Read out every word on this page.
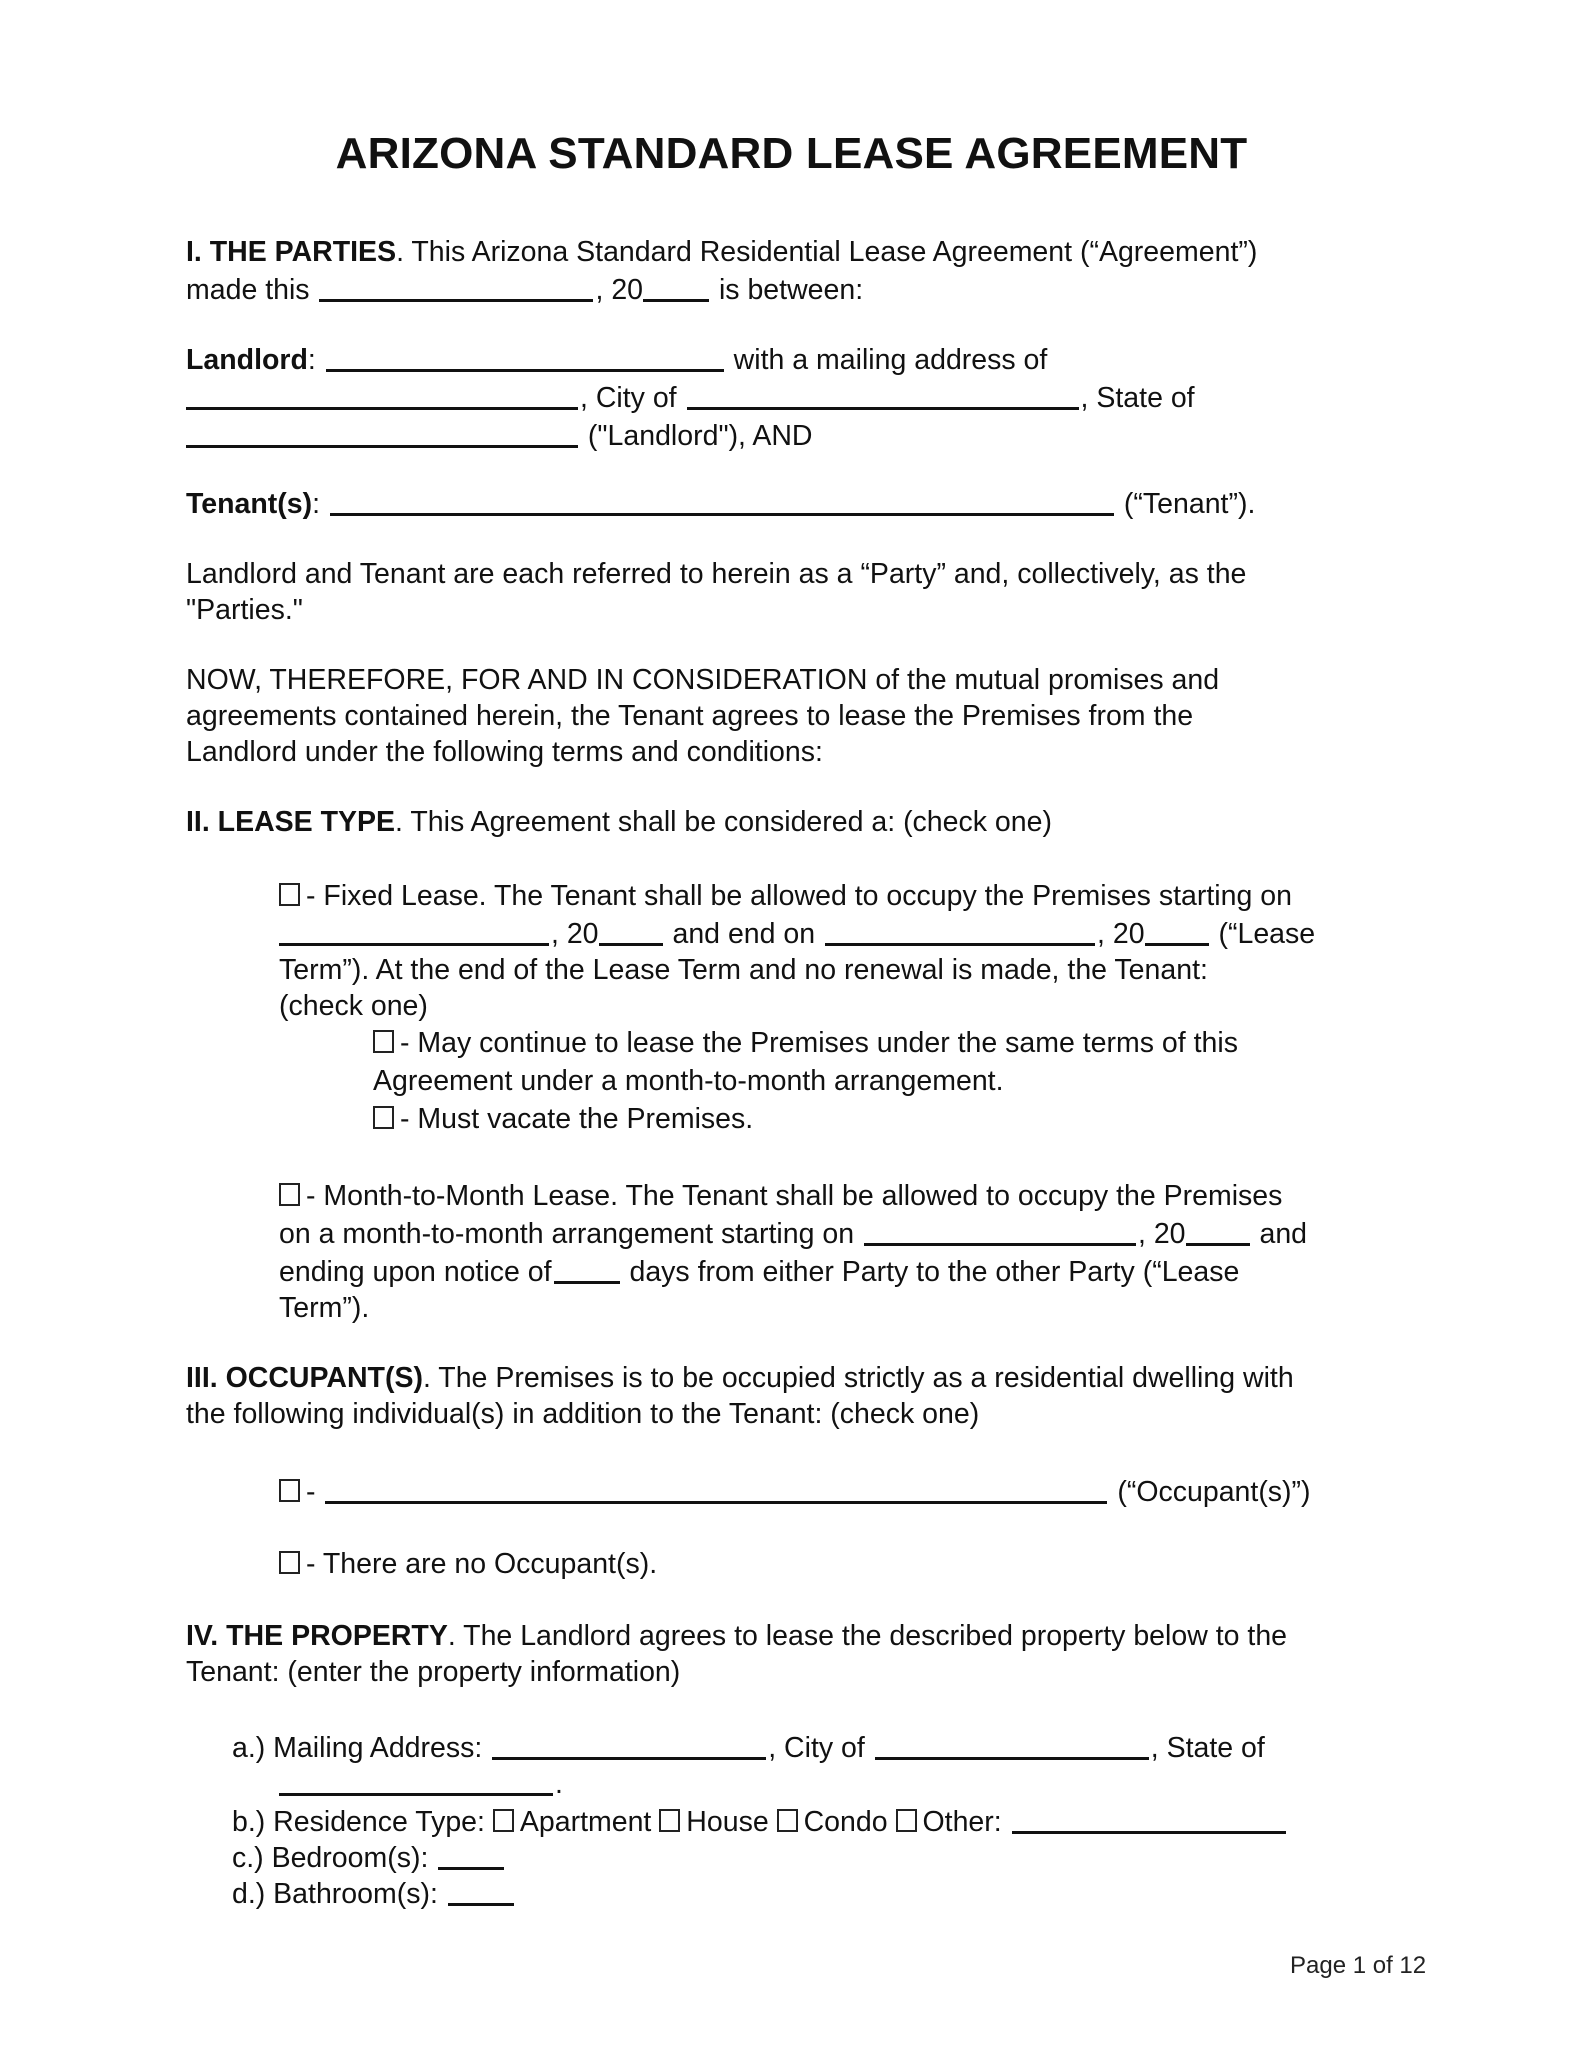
ARIZONA STANDARD LEASE AGREEMENT
I. THE PARTIES. This Arizona Standard Residential Lease Agreement (“Agreement”)
made this	, 20	is between:
Landlord:	with a mailing address of
, City of	, State of
("Landlord"), AND
Tenant(s):	(“Tenant”).
Landlord and Tenant are each referred to herein as a “Party” and, collectively, as the
"Parties."
NOW, THEREFORE, FOR AND IN CONSIDERATION of the mutual promises and
agreements contained herein, the Tenant agrees to lease the Premises from the
Landlord under the following terms and conditions:
II. LEASE TYPE. This Agreement shall be considered a: (check one)
- Fixed Lease. The Tenant shall be allowed to occupy the Premises starting on
, 20	and end on	, 20	(“Lease
Term”). At the end of the Lease Term and no renewal is made, the Tenant:
(check one)
- May continue to lease the Premises under the same terms of this
Agreement under a month-to-month arrangement.
- Must vacate the Premises.
- Month-to-Month Lease. The Tenant shall be allowed to occupy the Premises
on a month-to-month arrangement starting on	, 20	and
ending upon notice of	days from either Party to the other Party (“Lease
Term”).
III. OCCUPANT(S). The Premises is to be occupied strictly as a residential dwelling with
the following individual(s) in addition to the Tenant: (check one)
-	(“Occupant(s)”)
- There are no Occupant(s).
IV. THE PROPERTY. The Landlord agrees to lease the described property below to the
Tenant: (enter the property information)
a.) Mailing Address:	, City of	, State of
.
b.) Residence Type: Apartment House Condo Other:
c.) Bedroom(s):
d.) Bathroom(s):
Page 1 of 12
